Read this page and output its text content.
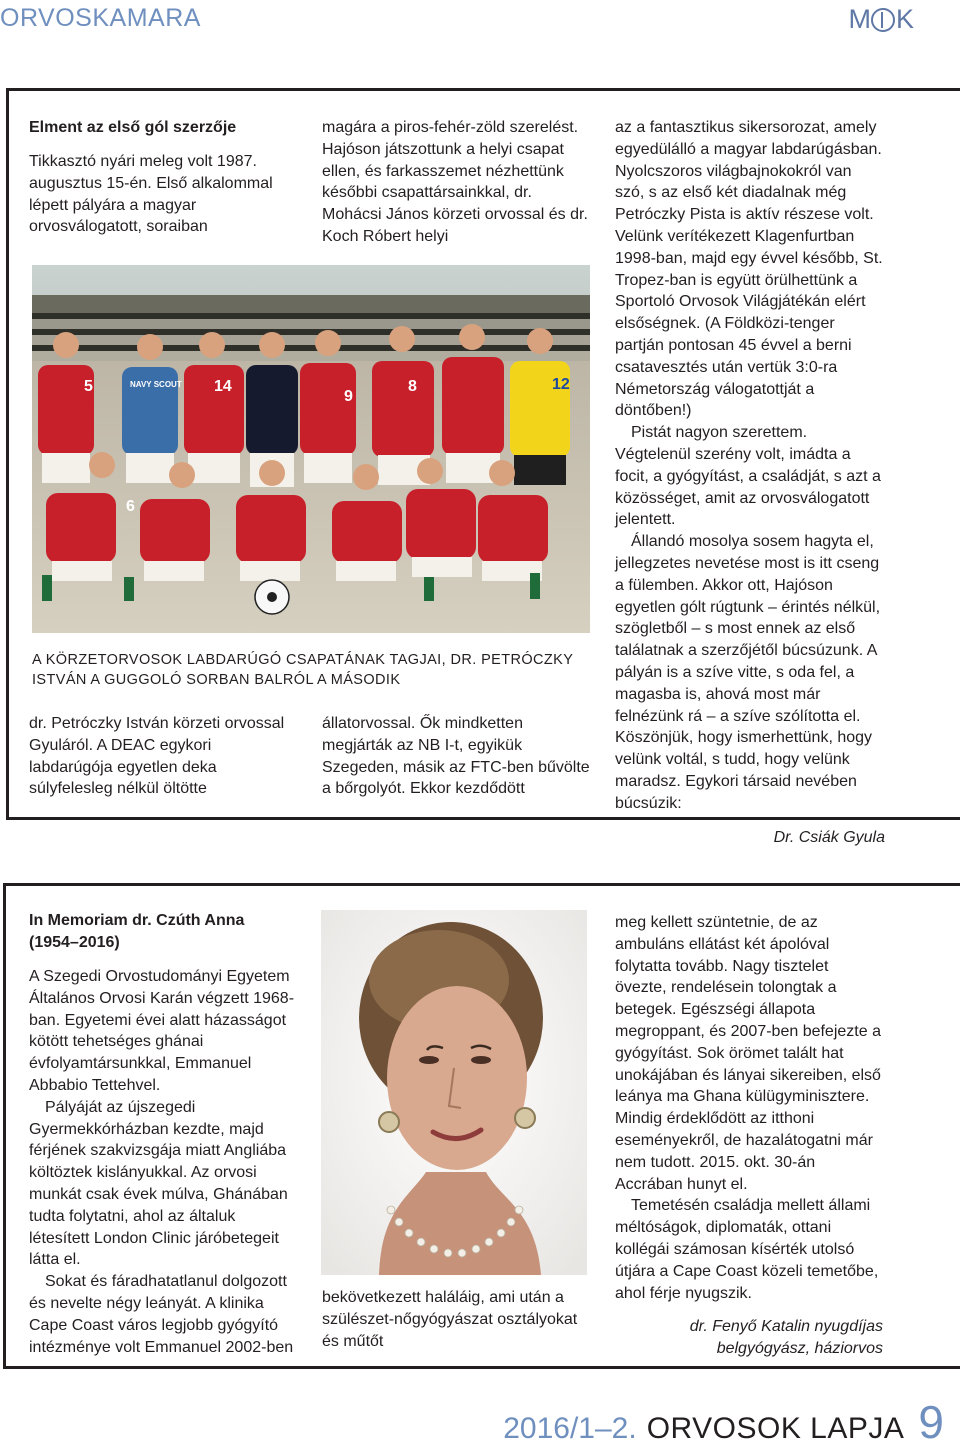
ORVOSKAMARA	M K

Elment az első gól szerzője

Tikkasztó nyári meleg volt 1987. augusztus 15-én. Első alkalommal lépett pályára a magyar orvosválogatott, soraiban

magára a piros-fehér-zöld szerelést. Hajóson játszottunk a helyi csapat ellen, és farkasszemet nézhettünk későbbi csapattársainkkal, dr. Mohácsi János körzeti orvossal és dr. Koch Róbert helyi

5	14	8
9
12
6
NAVY SCOUT
A KÖRZETORVOSOK LABDARÚGÓ CSAPATÁNAK TAGJAI, DR. PETRÓCZKY ISTVÁN A GUGGOLÓ SORBAN BALRÓL A MÁSODIK

dr. Petróczky István körzeti orvossal Gyuláról. A DEAC egykori labdarúgója egyetlen deka súlyfelesleg nélkül öltötte

állatorvossal. Ők mindketten megjárták az NB I-t, egyikük Szegeden, másik az FTC-ben bűvölte a bőrgolyót. Ekkor kezdődött

az a fantasztikus sikersorozat, amely egyedülálló a magyar labdarúgásban. Nyolcszoros világbajnokokról van szó, s az első két diadalnak még Petróczky Pista is aktív részese volt. Velünk verítékezett Klagenfurtban 1998-ban, majd egy évvel később, St. Tropez-ban is együtt örülhettünk a Sportoló Orvosok Világjátékán elért elsőségnek. (A Földközi-tenger partján pontosan 45 évvel a berni csatavesztés után vertük 3:0-ra Németország válogatottját a döntőben!)

Pistát nagyon szerettem. Végtelenül szerény volt, imádta a focit, a gyógyítást, a családját, s azt a közösséget, amit az orvosválogatott jelentett.

Állandó mosolya sosem hagyta el, jellegzetes nevetése most is itt cseng a fülemben. Akkor ott, Hajóson egyetlen gólt rúgtunk – érintés nélkül, szögletből – s most ennek az első találatnak a szerzőjétől búcsúzunk. A pályán is a szíve vitte, s oda fel, a magasba is, ahová most már felnézünk rá – a szíve szólította el. Köszönjük, hogy ismerhettünk, hogy velünk voltál, s tudd, hogy velünk maradsz. Egykori társaid nevében búcsúzik:

Dr. Csiák Gyula

In Memoriam dr. Czúth Anna

(1954–2016)

A Szegedi Orvostudományi Egyetem Általános Orvosi Karán végzett 1968-ban. Egyetemi évei alatt házasságot kötött tehetséges ghánai évfolyamtársunkkal, Emmanuel Abbabio Tettehvel.

Pályáját az újszegedi Gyermekkórházban kezdte, majd férjének szakvizsgája miatt Angliába költöztek kislányukkal. Az orvosi munkát csak évek múlva, Ghánában tudta folytatni, ahol az általuk létesített London Clinic járóbetegeit látta el.

Sokat és fáradhatatlanul dolgozott és nevelte négy leányát. A klinika Cape Coast város legjobb gyógyító intézménye volt Emmanuel 2002-ben

bekövetkezett haláláig, ami után a szülészet-nőgyógyászat osztályokat és műtőt

meg kellett szüntetnie, de az ambuláns ellátást két ápolóval folytatta tovább. Nagy tisztelet övezte, rendelésein tolongtak a betegek. Egészségi állapota megroppant, és 2007-ben befejezte a gyógyítást. Sok örömet talált hat unokájában és lányai sikereiben, első leánya ma Ghana külügyminisztere. Mindig érdeklődött az itthoni eseményekről, de hazalátogatni már nem tudott. 2015. okt. 30-án Accrában hunyt el.

Temetésén családja mellett állami méltóságok, diplomaták, ottani kollégái számosan kísérték utolsó útjára a Cape Coast közeli temetőbe, ahol férje nyugszik.

dr. Fenyő Katalin nyugdíjas

belgyógyász, háziorvos

2016/1–2. ORVOSOK LAPJA 9
